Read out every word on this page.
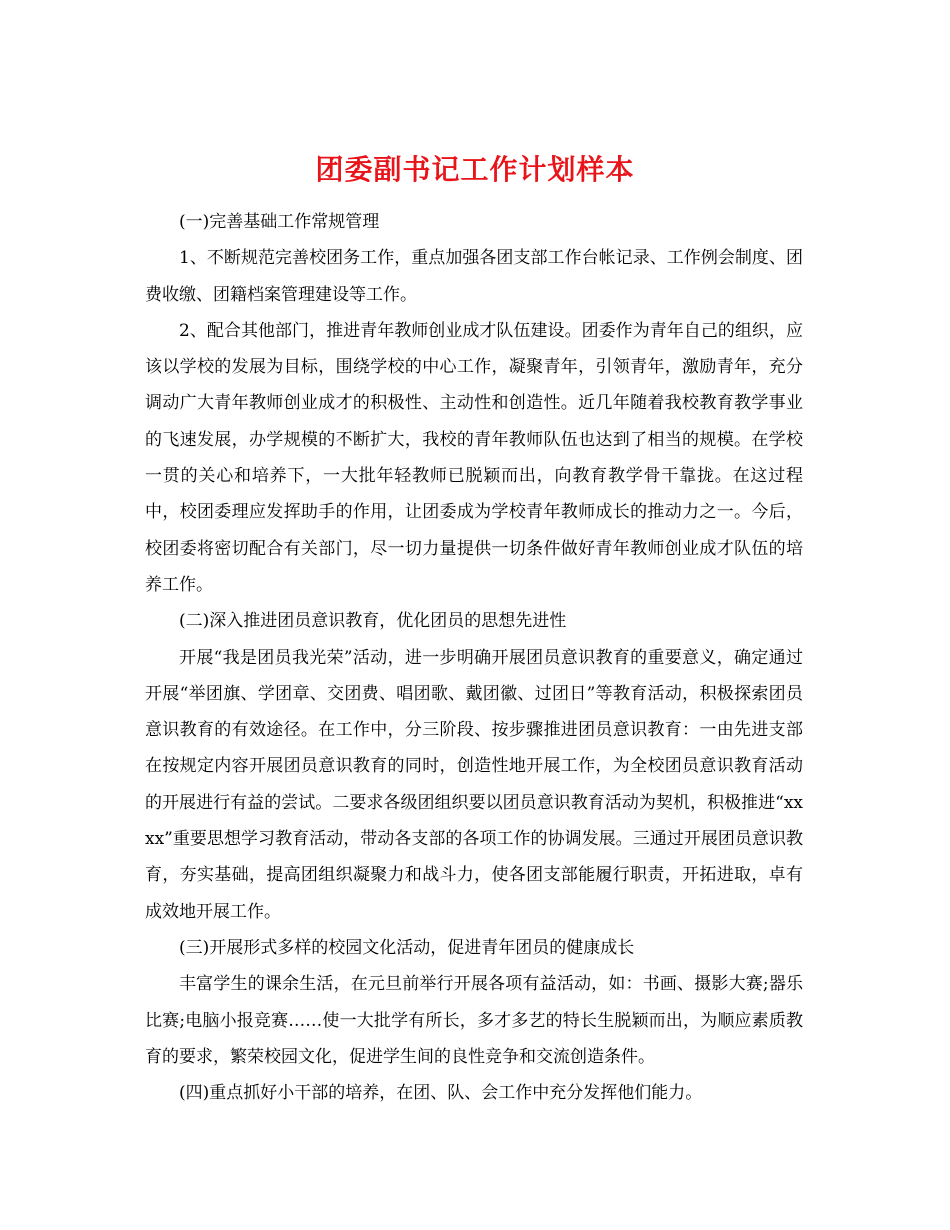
团委副书记工作计划样本

(一)完善基础工作常规管理

1、不断规范完善校团务工作，重点加强各团支部工作台帐记录、工作例会制度、团费收缴、团籍档案管理建设等工作。

2、配合其他部门，推进青年教师创业成才队伍建设。团委作为青年自己的组织，应该以学校的发展为目标，围绕学校的中心工作，凝聚青年，引领青年，激励青年，充分调动广大青年教师创业成才的积极性、主动性和创造性。近几年随着我校教育教学事业的飞速发展，办学规模的不断扩大，我校的青年教师队伍也达到了相当的规模。在学校一贯的关心和培养下，一大批年轻教师已脱颖而出，向教育教学骨干靠拢。在这过程中，校团委理应发挥助手的作用，让团委成为学校青年教师成长的推动力之一。今后，校团委将密切配合有关部门，尽一切力量提供一切条件做好青年教师创业成才队伍的培养工作。

(二)深入推进团员意识教育，优化团员的思想先进性

开展“我是团员我光荣”活动，进一步明确开展团员意识教育的重要意义，确定通过开展“举团旗、学团章、交团费、唱团歌、戴团徽、过团日”等教育活动，积极探索团员意识教育的有效途径。在工作中，分三阶段、按步骤推进团员意识教育：一由先进支部在按规定内容开展团员意识教育的同时，创造性地开展工作，为全校团员意识教育活动的开展进行有益的尝试。二要求各级团组织要以团员意识教育活动为契机，积极推进“xxxx”重要思想学习教育活动，带动各支部的各项工作的协调发展。三通过开展团员意识教育，夯实基础，提高团组织凝聚力和战斗力，使各团支部能履行职责，开拓进取，卓有成效地开展工作。

(三)开展形式多样的校园文化活动，促进青年团员的健康成长

丰富学生的课余生活，在元旦前举行开展各项有益活动，如：书画、摄影大赛;器乐比赛;电脑小报竞赛……使一大批学有所长，多才多艺的特长生脱颖而出，为顺应素质教育的要求，繁荣校园文化，促进学生间的良性竞争和交流创造条件。

(四)重点抓好小干部的培养，在团、队、会工作中充分发挥他们能力。
